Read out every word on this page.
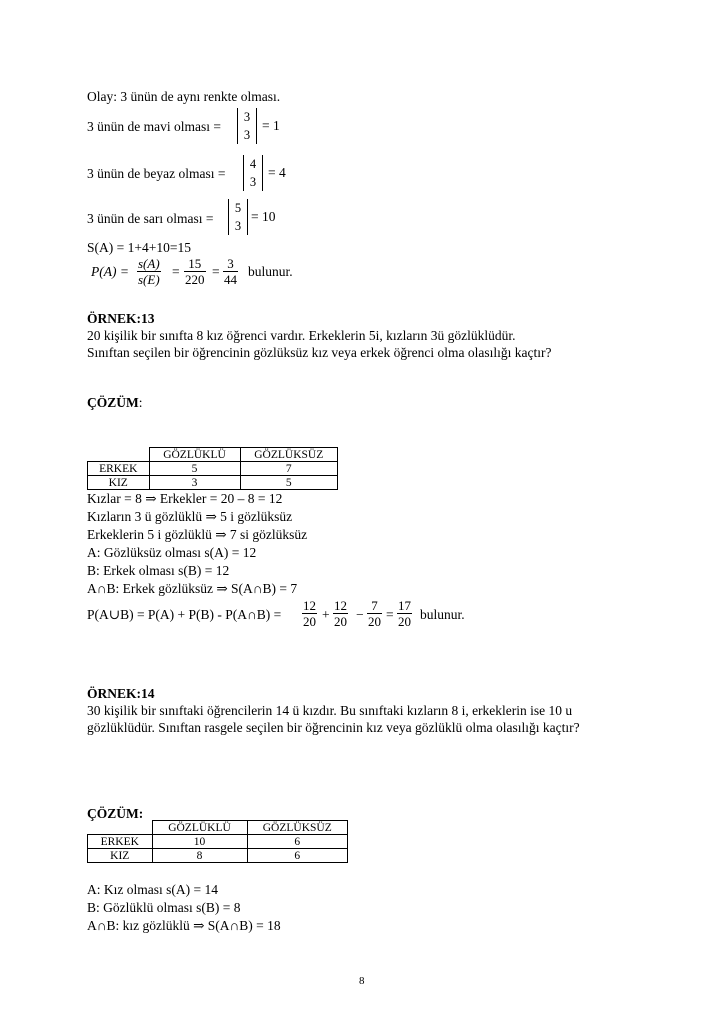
Olay: 3 ünün de aynı renkte olması.
3 ünün de mavi olması =
3
3
= 1
3 ünün de beyaz olması =
4
3
= 4
3 ünün de sarı olması =
5
3
= 10
S(A) = 1+4+10=15
$P(A) = \frac{s(A)}{s(E)} = \frac{15}{220} = \frac{3}{44}$ bulunur.
ÖRNEK:13
20 kişilik bir sınıfta 8 kız öğrenci vardır. Erkeklerin 5i, kızların 3ü gözlüklüdür.
Sınıftan seçilen bir öğrencinin gözlüksüz kız veya erkek öğrenci olma olasılığı kaçtır?
ÇÖZÜM:
	GÖZLÜKLÜ	GÖZLÜKSÜZ
ERKEK	5	7
KIZ	3	5
Kızlar = 8 ⇒ Erkekler = 20 – 8 = 12
Kızların 3 ü gözlüklü ⇒ 5 i gözlüksüz
Erkeklerin 5 i gözlüklü ⇒ 7 si gözlüksüz
A: Gözlüksüz olması s(A) = 12
B: Erkek olması s(B) = 12
A∩B: Erkek gözlüksüz ⇒ S(A∩B) = 7
P(A∪B) = P(A) + P(B) - P(A∩B) = $\frac{12}{20} + \frac{12}{20} - \frac{7}{20} = \frac{17}{20}$ bulunur.
ÖRNEK:14
30 kişilik bir sınıftaki öğrencilerin 14 ü kızdır. Bu sınıftaki kızların 8 i, erkeklerin ise 10 u
gözlüklüdür. Sınıftan rasgele seçilen bir öğrencinin kız veya gözlüklü olma olasılığı kaçtır?
ÇÖZÜM:
	GÖZLÜKLÜ	GÖZLÜKSÜZ
ERKEK	10	6
KIZ	8	6
A: Kız olması s(A) = 14
B: Gözlüklü olması s(B) = 8
A∩B: kız gözlüklü ⇒ S(A∩B) = 18
8
